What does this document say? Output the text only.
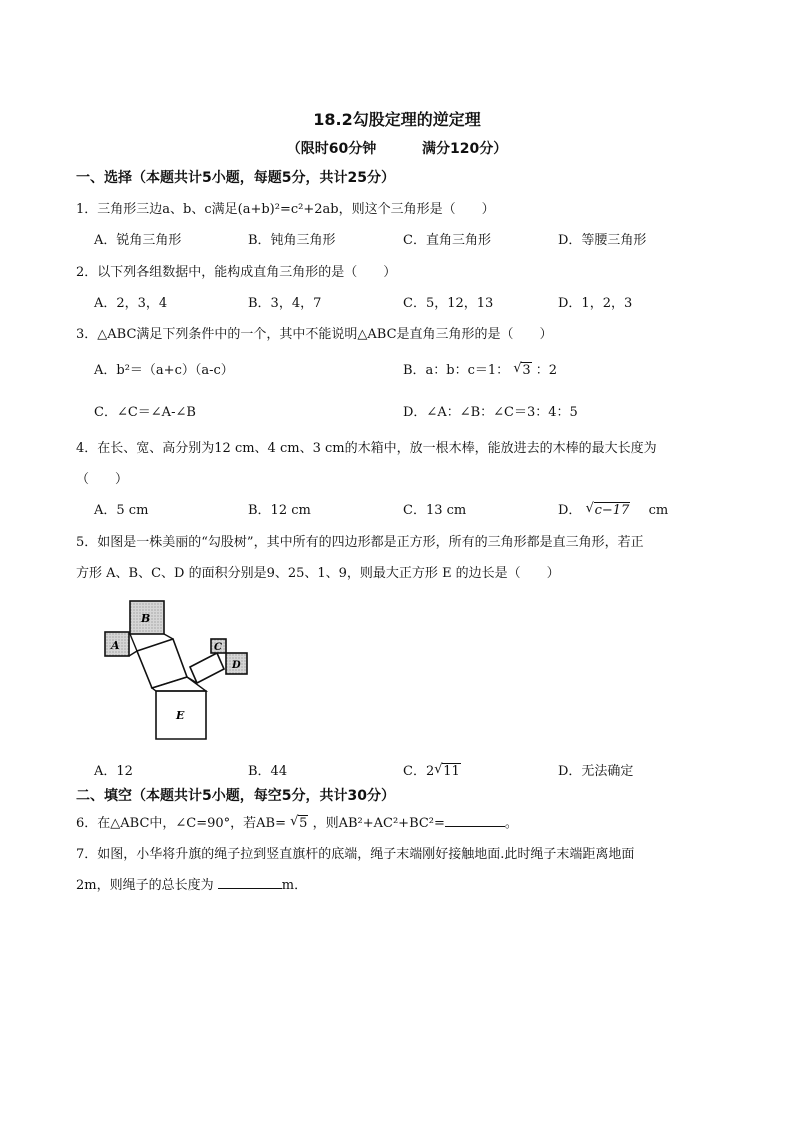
18.2勾股定理的逆定理
（限时60分钟	满分120分）
一、选择（本题共计5小题，每题5分，共计25分）
1．三角形三边a、b、c满足(a+b)²=c²+2ab，则这个三角形是（　　）
A．锐角三角形	B．钝角三角形	C．直角三角形	D．等腰三角形
2．以下列各组数据中，能构成直角三角形的是（　　）
A．2，3，4	B．3，4，7	C．5，12，13	D．1，2，3
3．△ABC满足下列条件中的一个，其中不能说明△ABC是直角三角形的是（　　）
A．b²＝（a+c）（a-c）	B．a：b：c＝1： √ 3 ：2
C．∠C＝∠A-∠B	D．∠A：∠B：∠C＝3：4：5
4．在长、宽、高分别为12 cm、4 cm、3 cm的木箱中，放一根木棒，能放进去的木棒的最大长度为
（　　）
A．5 cm	B．12 cm	C．13 cm	D． √ c−17 cm
5．如图是一株美丽的“勾股树”，其中所有的四边形都是正方形，所有的三角形都是直三角形，若正
方形 A、B、C、D 的面积分别是9、25、1、9，则最大正方形 E 的边长是（　　）
B
A	C
D
E
A．12	B．44	C．2 √ 11	D．无法确定
二、填空（本题共计5小题，每空5分，共计30分）
6．在△ABC中，∠C=90°，若AB= √ 5 ，则AB²+AC²+BC²=	。
7．如图，小华将升旗的绳子拉到竖直旗杆的底端，绳子末端刚好接触地面.此时绳子末端距离地面
2m，则绳子的总长度为	m．
